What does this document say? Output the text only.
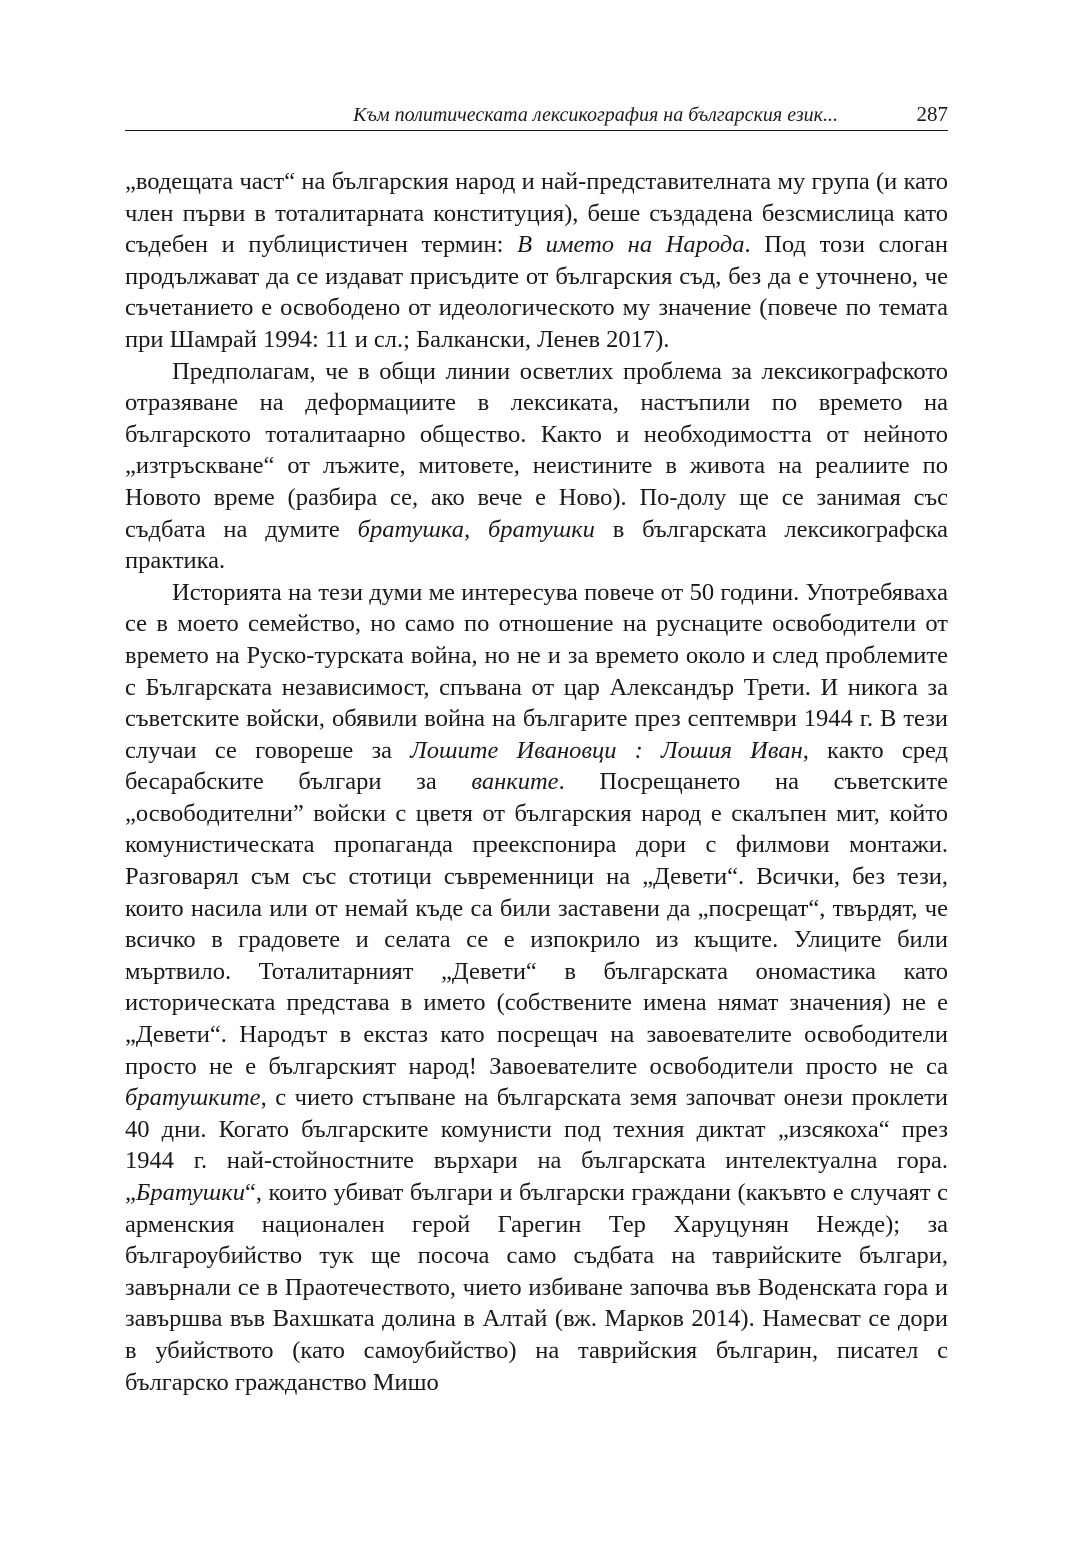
Към политическата лексикография на българския език...	287

„водещата част“ на българския народ и най-представителната му група (и като член първи в тоталитарната конституция), беше създадена безсмислица като съдебен и публицистичен термин: В името на Народа. Под този слоган продължават да се издават присъдите от българския съд, без да е уточнено, че съчетанието е освободено от идеологическото му значение (повече по темата при Шамрай 1994: 11 и сл.; Балкански, Ленев 2017).

Предполагам, че в общи линии осветлих проблема за лексикографското отразяване на деформациите в лексиката, настъпили по времето на българското тоталитаарно общество. Както и необходимостта от нейното „изтръскване“ от лъжите, митовете, неистините в живота на реалиите по Новото време (разбира се, ако вече е Ново). По-долу ще се занимая със съдбата на думите братушка, братушки в българската лексикографска практика.

Историята на тези думи ме интересува повече от 50 години. Употребяваха се в моето семейство, но само по отношение на руснаците освободители от времето на Руско-турската война, но не и за времето около и след проблемите с Българската независимост, спъвана от цар Александър Трети. И никога за съветските войски, обявили война на българите през септември 1944 г. В тези случаи се говореше за Лошите Ивановци : Лошия Иван, както сред бесарабските българи за ванките. Посрещането на съветските „освободителни” войски с цветя от българския народ е скалъпен мит, който комунистическата пропаганда преекспонира дори с филмови монтажи. Разговарял съм със стотици съвременници на „Девети“. Всички, без тези, които насила или от немай къде са били заставени да „посрещат“, твърдят, че всичко в градовете и селата се е изпокрило из къщите. Улиците били мъртвило. Тоталитарният „Девети“ в българската ономастика като историческата представа в името (собствените имена нямат значения) не е „Девети“. Народът в екстаз като посрещач на завоевателите освободители просто не е българският народ! Завоевателите освободители просто не са братушките, с чието стъпване на българската земя започват онези проклети 40 дни. Когато българските комунисти под техния диктат „изсякоха“ през 1944 г. най-стойностните върхари на българската интелектуална гора. „Братушки“, които убиват българи и български граждани (какъвто е случаят с арменския национален герой Гарегин Тер Харуцунян Нежде); за българоубийство тук ще посоча само съдбата на таврийските българи, завърнали се в Праотечеството, чието избиване започва във Воденската гора и завършва във Вахшката долина в Алтай (вж. Марков 2014). Намесват се дори в убийството (като самоубийство) на таврийския българин, писател с българско гражданство Мишо
